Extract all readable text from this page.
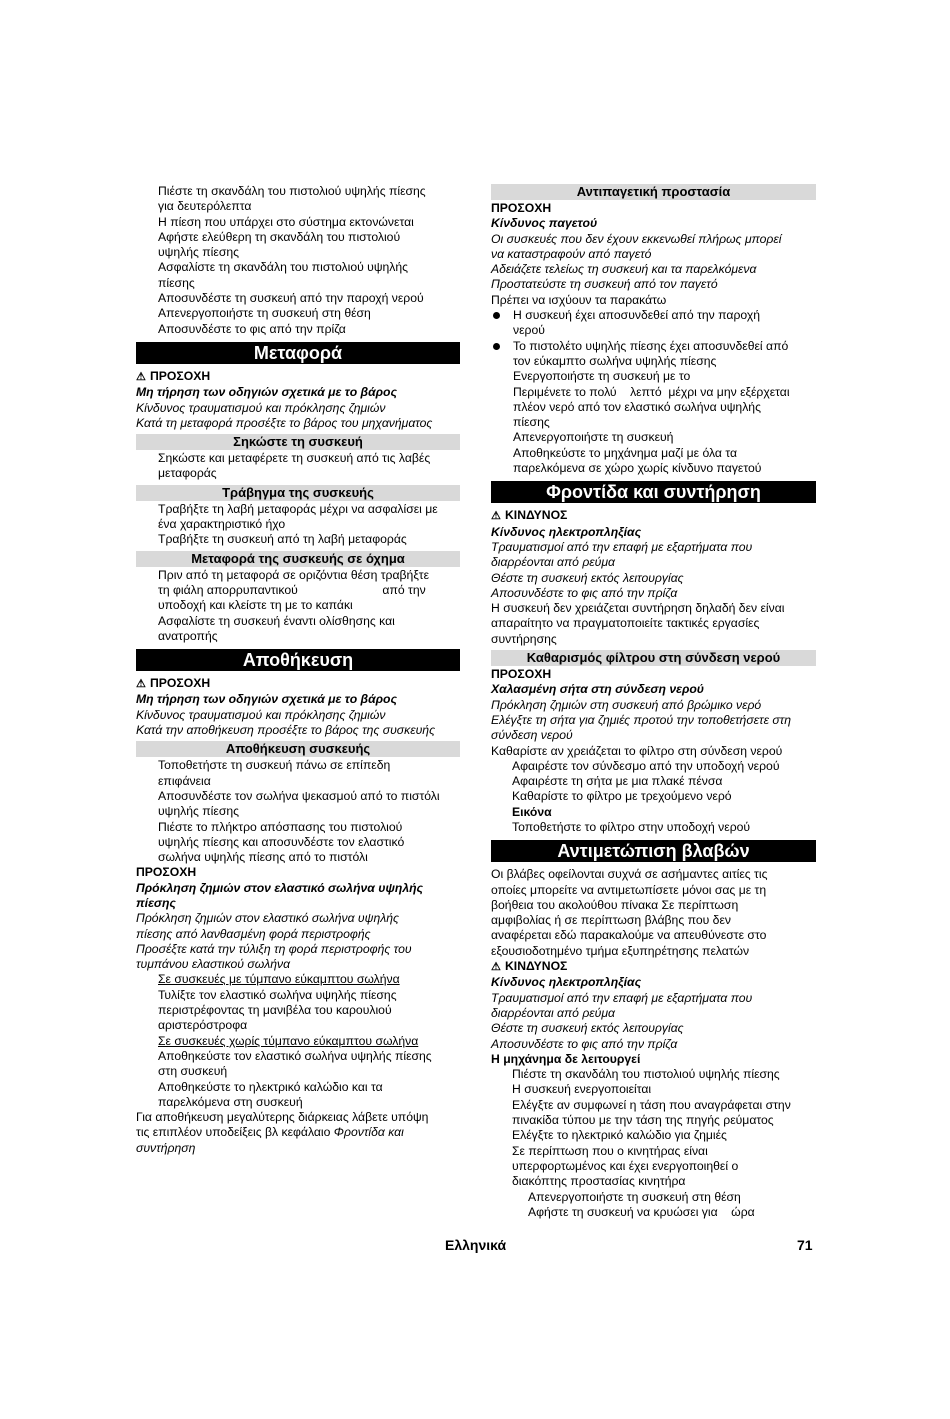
Πιέστε τη σκανδάλη του πιστολιού υψηλής πίεσης

για δευτερόλεπτα

Η πίεση που υπάρχει στο σύστημα εκτονώνεται

Αφήστε ελεύθερη τη σκανδάλη του πιστολιού

υψηλής πίεσης

Ασφαλίστε τη σκανδάλη του πιστολιού υψηλής

πίεσης

Αποσυνδέστε τη συσκευή από την παροχή νερού

Απενεργοποιήστε τη συσκευή στη θέση

Αποσυνδέστε το φις από την πρίζα

Μεταφορά

⚠ ΠΡΟΣΟΧΗ

Μη τήρηση των οδηγιών σχετικά με το βάρος

Κίνδυνος τραυματισμού και πρόκλησης ζημιών

Κατά τη μεταφορά προσέξτε το βάρος του μηχανήματος

Σηκώστε τη συσκευή

Σηκώστε και μεταφέρετε τη συσκευή από τις λαβές

μεταφοράς

Τράβηγμα της συσκευής

Τραβήξτε τη λαβή μεταφοράς μέχρι να ασφαλίσει με

ένα χαρακτηριστικό ήχο

Τραβήξτε τη συσκευή από τη λαβή μεταφοράς

Μεταφορά της συσκευής σε όχημα

Πριν από τη μεταφορά σε οριζόντια θέση τραβήξτε

τη φιάλη απορρυπαντικού                         από την

υποδοχή και κλείστε τη με το καπάκι

Ασφαλίστε τη συσκευή έναντι ολίσθησης και

ανατροπής

Αποθήκευση

⚠ ΠΡΟΣΟΧΗ

Μη τήρηση των οδηγιών σχετικά με το βάρος

Κίνδυνος τραυματισμού και πρόκλησης ζημιών

Κατά την αποθήκευση προσέξτε το βάρος της συσκευής

Αποθήκευση συσκευής

Τοποθετήστε τη συσκευή πάνω σε επίπεδη

επιφάνεια

Αποσυνδέστε τον σωλήνα ψεκασμού από το πιστόλι

υψηλής πίεσης

Πιέστε το πλήκτρο απόσπασης του πιστολιού

υψηλής πίεσης και αποσυνδέστε τον ελαστικό

σωλήνα υψηλής πίεσης από το πιστόλι

ΠΡΟΣΟΧΗ

Πρόκληση ζημιών στον ελαστικό σωλήνα υψηλής

πίεσης

Πρόκληση ζημιών στον ελαστικό σωλήνα υψηλής

πίεσης από λανθασμένη φορά περιστροφής

Προσέξτε κατά την τύλιξη τη φορά περιστροφής του

τυμπάνου ελαστικού σωλήνα

Σε συσκευές με τύμπανο εύκαμπτου σωλήνα

Τυλίξτε τον ελαστικό σωλήνα υψηλής πίεσης

περιστρέφοντας τη μανιβέλα του καρουλιού

αριστερόστροφα

Σε συσκευές χωρίς τύμπανο εύκαμπτου σωλήνα

Αποθηκεύστε τον ελαστικό σωλήνα υψηλής πίεσης

στη συσκευή

Αποθηκεύστε το ηλεκτρικό καλώδιο και τα

παρελκόμενα στη συσκευή

Για αποθήκευση μεγαλύτερης διάρκειας λάβετε υπόψη

τις επιπλέον υποδείξεις βλ κεφάλαιο Φροντίδα και

συντήρηση

Αντιπαγετική προστασία

ΠΡΟΣΟΧΗ

Κίνδυνος παγετού

Οι συσκευές που δεν έχουν εκκενωθεί πλήρως μπορεί

να καταστραφούν από παγετό

Αδειάζετε τελείως τη συσκευή και τα παρελκόμενα

Προστατεύστε τη συσκευή από τον παγετό

Πρέπει να ισχύουν τα παρακάτω

Η συσκευή έχει αποσυνδεθεί από την παροχή

νερού

Το πιστολέτο υψηλής πίεσης έχει αποσυνδεθεί από

τον εύκαμπτο σωλήνα υψηλής πίεσης

Ενεργοποιήστε τη συσκευή με το

Περιμένετε το πολύ    λεπτό  μέχρι να μην εξέρχεται

πλέον νερό από τον ελαστικό σωλήνα υψηλής

πίεσης

Απενεργοποιήστε τη συσκευή

Αποθηκεύστε το μηχάνημα μαζί με όλα τα

παρελκόμενα σε χώρο χωρίς κίνδυνο παγετού

Φροντίδα και συντήρηση

⚠ ΚΙΝΔΥΝΟΣ

Κίνδυνος ηλεκτροπληξίας

Τραυματισμοί από την επαφή με εξαρτήματα που

διαρρέονται από ρεύμα

Θέστε τη συσκευή εκτός λειτουργίας

Αποσυνδέστε το φις από την πρίζα

Η συσκευή δεν χρειάζεται συντήρηση δηλαδή δεν είναι

απαραίτητο να πραγματοποιείτε τακτικές εργασίες

συντήρησης

Καθαρισμός φίλτρου στη σύνδεση νερού

ΠΡΟΣΟΧΗ

Χαλασμένη σήτα στη σύνδεση νερού

Πρόκληση ζημιών στη συσκευή από βρώμικο νερό

Ελέγξτε τη σήτα για ζημιές προτού την τοποθετήσετε στη

σύνδεση νερού

Καθαρίστε αν χρειάζεται το φίλτρο στη σύνδεση νερού

Αφαιρέστε τον σύνδεσμο από την υποδοχή νερού

Αφαιρέστε τη σήτα με μια πλακέ πένσα

Καθαρίστε το φίλτρο με τρεχούμενο νερό

Εικόνα

Τοποθετήστε το φίλτρο στην υποδοχή νερού

Αντιμετώπιση βλαβών

Οι βλάβες οφείλονται συχνά σε ασήμαντες αιτίες τις

οποίες μπορείτε να αντιμετωπίσετε μόνοι σας με τη

βοήθεια του ακολούθου πίνακα Σε περίπτωση

αμφιβολίας ή σε περίπτωση βλάβης που δεν

αναφέρεται εδώ παρακαλούμε να απευθύνεστε στο

εξουσιοδοτημένο τμήμα εξυπηρέτησης πελατών

⚠ ΚΙΝΔΥΝΟΣ

Κίνδυνος ηλεκτροπληξίας

Τραυματισμοί από την επαφή με εξαρτήματα που

διαρρέονται από ρεύμα

Θέστε τη συσκευή εκτός λειτουργίας

Αποσυνδέστε το φις από την πρίζα

Η μηχάνημα δε λειτουργεί

Πιέστε τη σκανδάλη του πιστολιού υψηλής πίεσης

Η συσκευή ενεργοποιείται

Ελέγξτε αν συμφωνεί η τάση που αναγράφεται στην

πινακίδα τύπου με την τάση της πηγής ρεύματος

Ελέγξτε το ηλεκτρικό καλώδιο για ζημιές

Σε περίπτωση που ο κινητήρας είναι

υπερφορτωμένος και έχει ενεργοποιηθεί ο

διακόπτης προστασίας κινητήρα

Απενεργοποιήστε τη συσκευή στη θέση

Αφήστε τη συσκευή να κρυώσει για    ώρα

Ελληνικά	71
